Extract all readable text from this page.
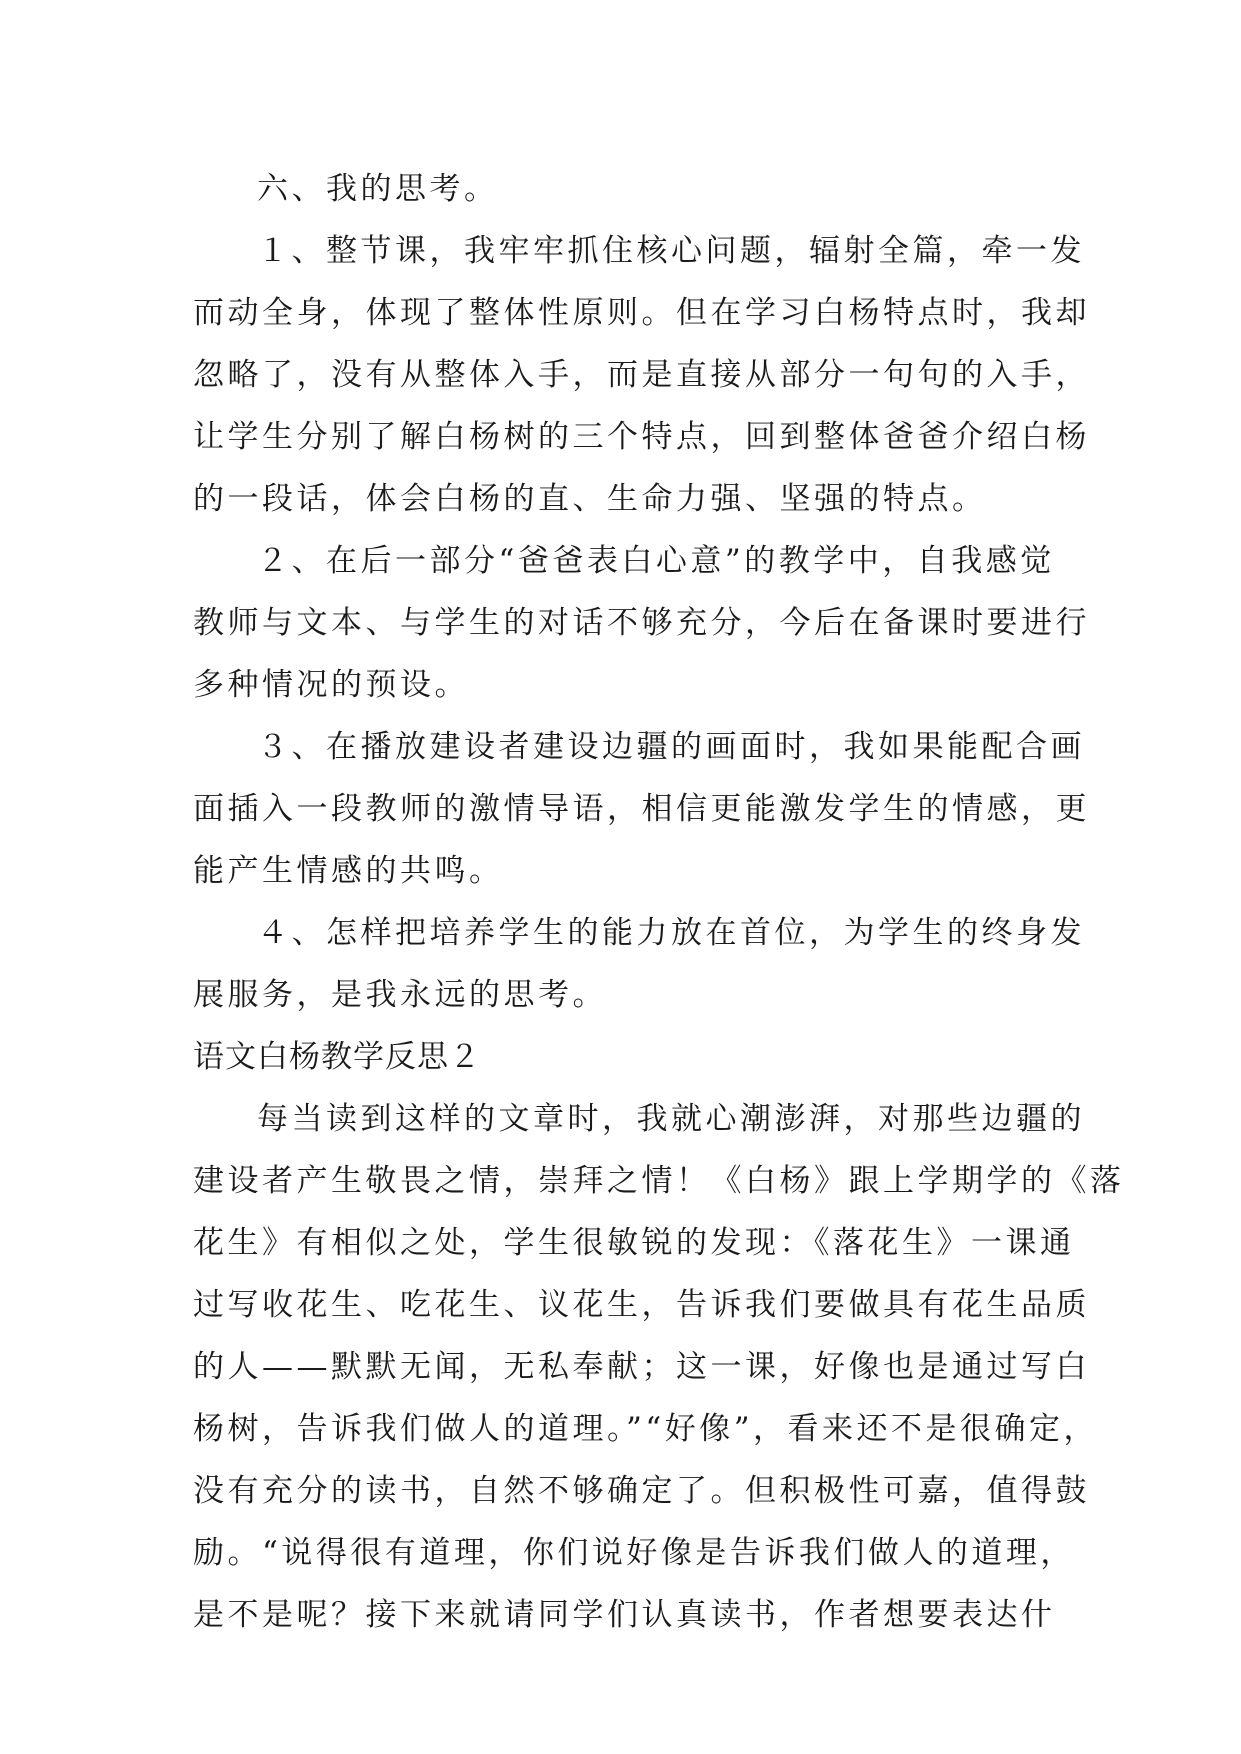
六、我的思考。
１、整节课，我牢牢抓住核心问题，辐射全篇，牵一发
而动全身，体现了整体性原则。但在学习白杨特点时，我却
忽略了，没有从整体入手，而是直接从部分一句句的入手，
让学生分别了解白杨树的三个特点，回到整体爸爸介绍白杨
的一段话，体会白杨的直、生命力强、坚强的特点。
２、在后一部分“爸爸表白心意”的教学中，自我感觉
教师与文本、与学生的对话不够充分，今后在备课时要进行
多种情况的预设。
３、在播放建设者建设边疆的画面时，我如果能配合画
面插入一段教师的激情导语，相信更能激发学生的情感，更
能产生情感的共鸣。
４、怎样把培养学生的能力放在首位，为学生的终身发
展服务，是我永远的思考。
语文白杨教学反思２
每当读到这样的文章时，我就心潮澎湃，对那些边疆的
建设者产生敬畏之情，崇拜之情！《白杨》跟上学期学的《落
花生》有相似之处，学生很敏锐的发现：《落花生》一课通
过写收花生、吃花生、议花生，告诉我们要做具有花生品质
的人——默默无闻，无私奉献；这一课，好像也是通过写白
杨树，告诉我们做人的道理。”“好像”，看来还不是很确定，
没有充分的读书，自然不够确定了。但积极性可嘉，值得鼓
励。“说得很有道理，你们说好像是告诉我们做人的道理，
是不是呢？接下来就请同学们认真读书，作者想要表达什
